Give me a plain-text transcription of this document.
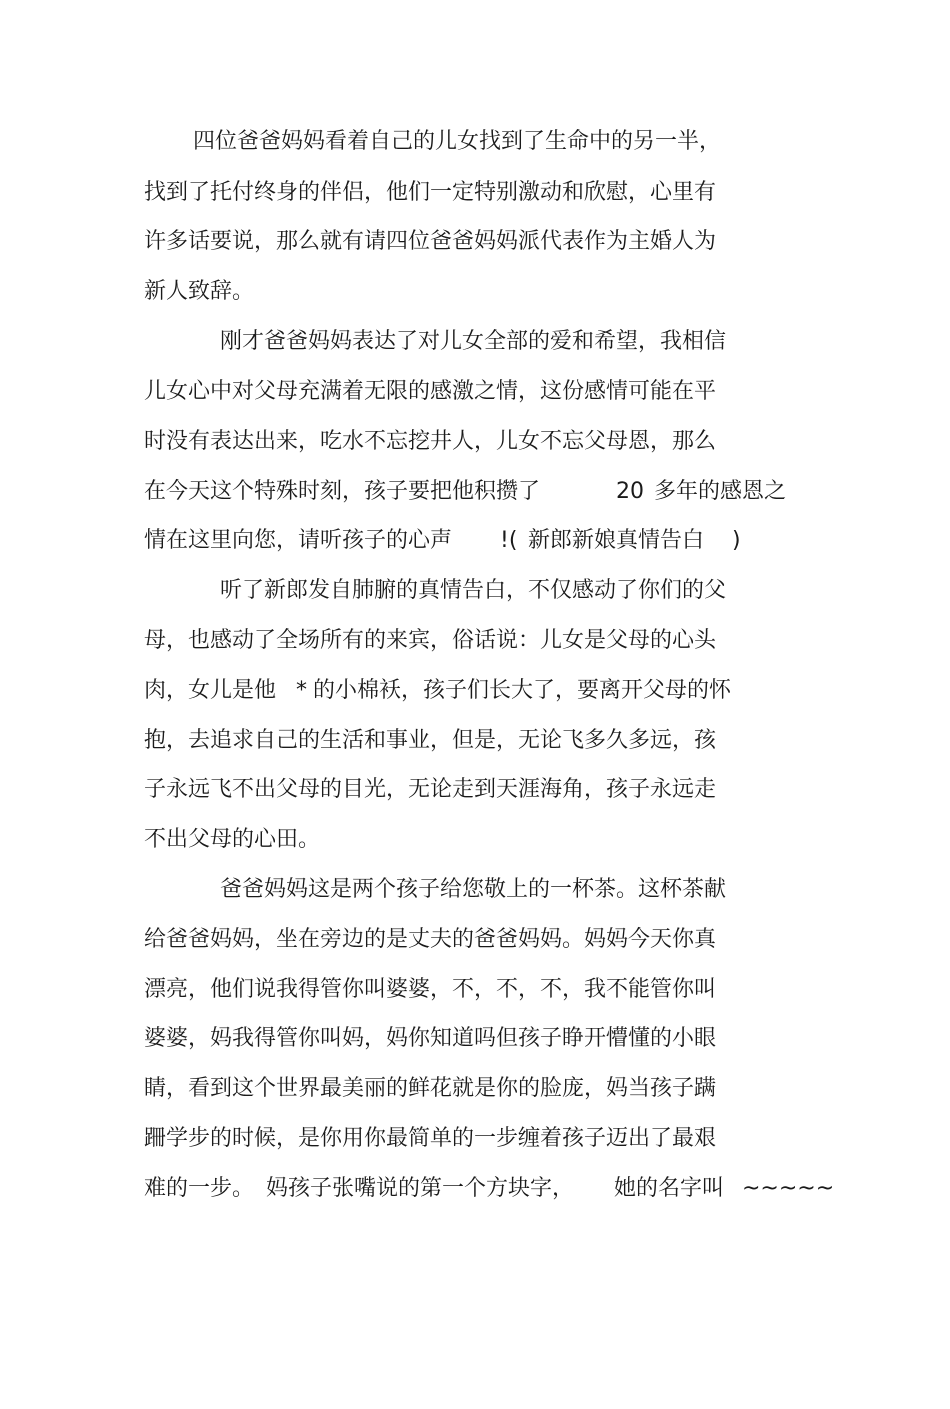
四位爸爸妈妈看着自己的儿女找到了生命中的另一半，

找到了托付终身的伴侣，他们一定特别激动和欣慰，心里有

许多话要说，那么就有请四位爸爸妈妈派代表作为主婚人为

新人致辞。

刚才爸爸妈妈表达了对儿女全部的爱和希望，我相信

儿女心中对父母充满着无限的感激之情，这份感情可能在平

时没有表达出来，吃水不忘挖井人，儿女不忘父母恩，那么

在今天这个特殊时刻，孩子要把他积攒了

	20

多年的感恩之

情在这里向您，请听孩子的心声

!(

新郎新娘真情告白

)

听了新郎发自肺腑的真情告白，不仅感动了你们的父

母，也感动了全场所有的来宾，俗话说：儿女是父母的心头

肉，女儿是他

*

的小棉袄，孩子们长大了，要离开父母的怀

抱，去追求自己的生活和事业，但是，无论飞多久多远，孩

子永远飞不出父母的目光，无论走到天涯海角，孩子永远走

不出父母的心田。

爸爸妈妈这是两个孩子给您敬上的一杯茶。这杯茶献

给爸爸妈妈，坐在旁边的是丈夫的爸爸妈妈。妈妈今天你真

漂亮，他们说我得管你叫婆婆，不，不，不，我不能管你叫

婆婆，妈我得管你叫妈，妈你知道吗但孩子睁开懵懂的小眼

睛，看到这个世界最美丽的鲜花就是你的脸庞，妈当孩子蹒

跚学步的时候，是你用你最简单的一步缠着孩子迈出了最艰

难的一步。

妈孩子张嘴说的第一个方块字，

她的名字叫

~~~~~
